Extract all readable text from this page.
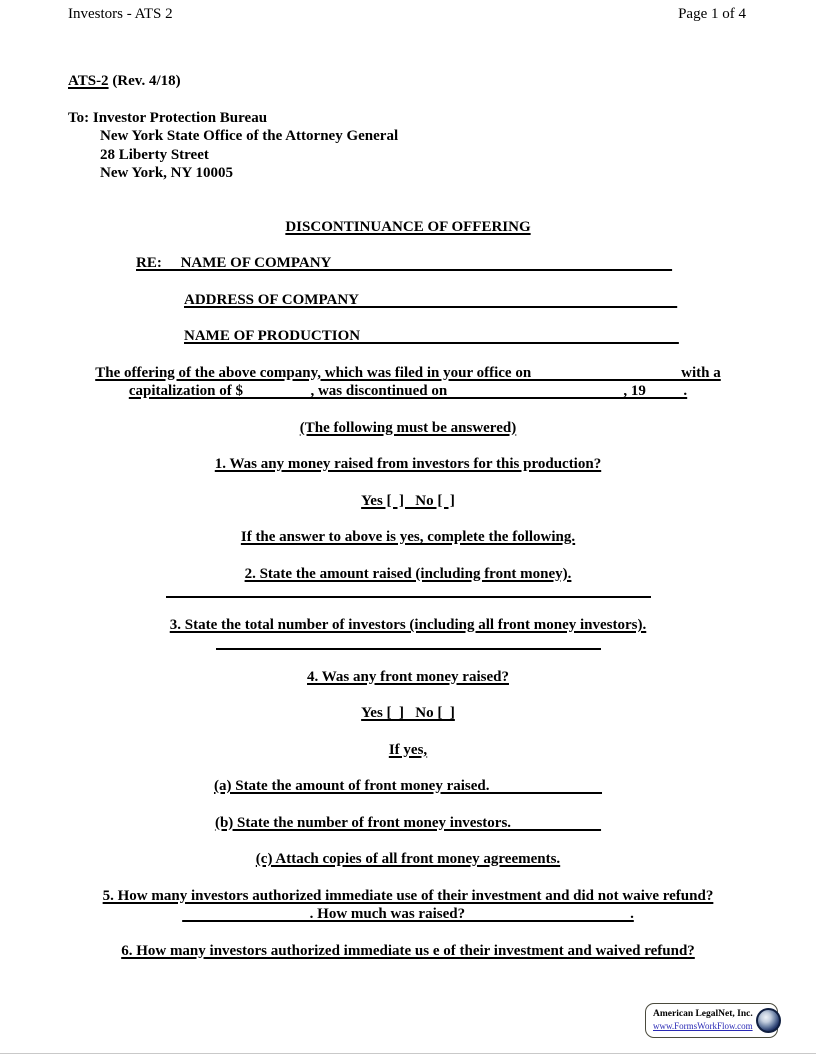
Investors - ATS 2	Page 1 of 4
ATS-2 (Rev. 4/18)
To: Investor Protection Bureau
New York State Office of the Attorney General
28 Liberty Street
New York, NY 10005
DISCONTINUANCE OF OFFERING
RE:     NAME OF COMPANY
ADDRESS OF COMPANY
NAME OF PRODUCTION
The offering of the above company, which was filed in your office on                                        with a
capitalization of $                  , was discontinued on                                               , 19          .
(The following must be answered)
1. Was any money raised from investors for this production?
Yes [  ]   No [  ]
If the answer to above is yes, complete the following.
2. State the amount raised (including front money).
3. State the total number of investors (including all front money investors).
4. Was any front money raised?
Yes [  ]   No [  ]
If yes,
(a) State the amount of front money raised.
(b) State the number of front money investors.
(c) Attach copies of all front money agreements.
5. How many investors authorized immediate use of their investment and did not waive refund?
. How much was raised?                                            .
6. How many investors authorized immediate us e of their investment and waived refund?
American LegalNet, Inc.
www.FormsWorkFlow.com
